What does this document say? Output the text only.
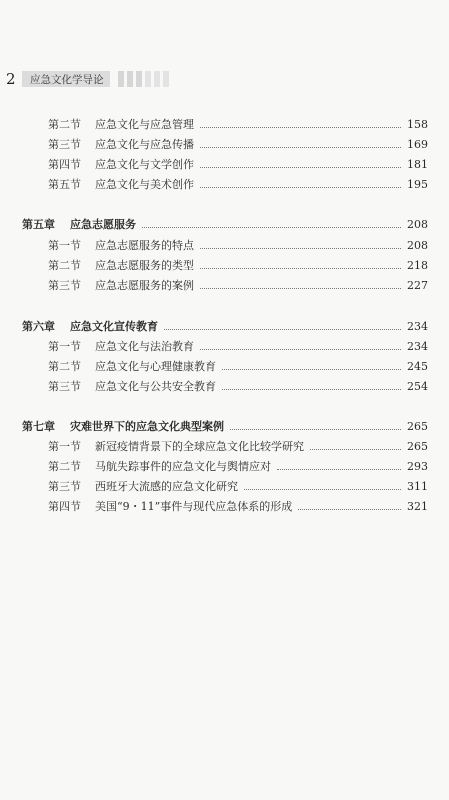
2	应急文化学导论
第二节	应急文化与应急管理	158
第三节	应急文化与应急传播	169
第四节	应急文化与文学创作	181
第五节	应急文化与美术创作	195
第五章	应急志愿服务	208
第一节	应急志愿服务的特点	208
第二节	应急志愿服务的类型	218
第三节	应急志愿服务的案例	227
第六章	应急文化宣传教育	234
第一节	应急文化与法治教育	234
第二节	应急文化与心理健康教育	245
第三节	应急文化与公共安全教育	254
第七章	灾难世界下的应急文化典型案例	265
第一节	新冠疫情背景下的全球应急文化比较学研究	265
第二节	马航失踪事件的应急文化与舆情应对	293
第三节	西班牙大流感的应急文化研究	311
第四节	美国“9・11”事件与现代应急体系的形成	321
